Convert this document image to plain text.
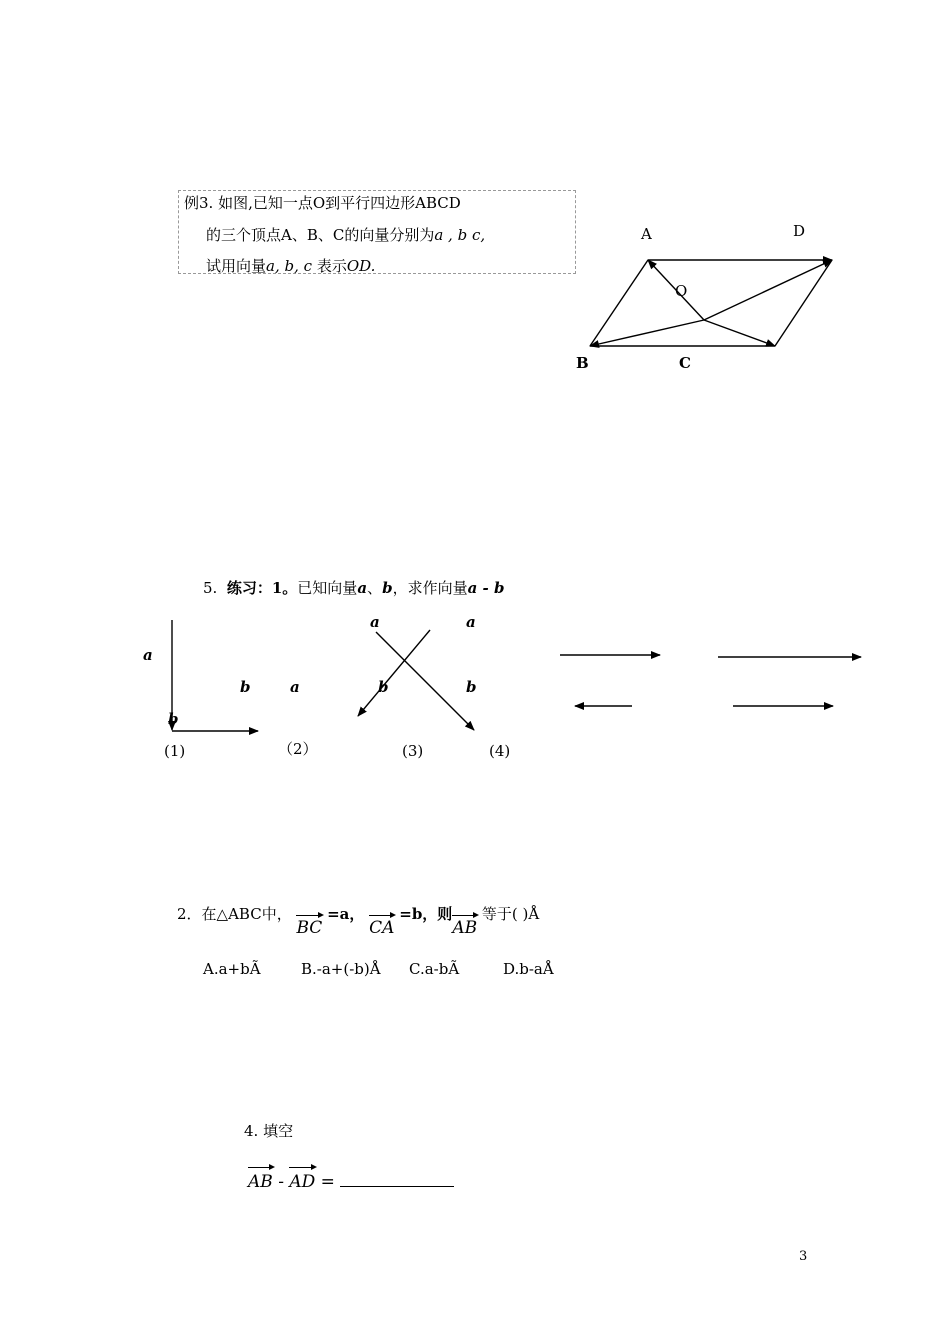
例3. 如图,已知一点O到平行四边形ABCD
的三个顶点A、B、C的向量分别为a , b c,
试用向量a, b, c 表示OD.
A	D
O
B	C
5. 练习：1。已知向量a、b，求作向量a - b
a
b
b
a
a	a
b	b
(1)	（2）	(3)	(4)
2．在△ABC中， BC =a， CA =b，则AB 等于( )Å
A.a+bÃ	B.-a+(-b)Å C.a-bÃ	D.b-aÅ
4. 填空
AB - AD =
3
